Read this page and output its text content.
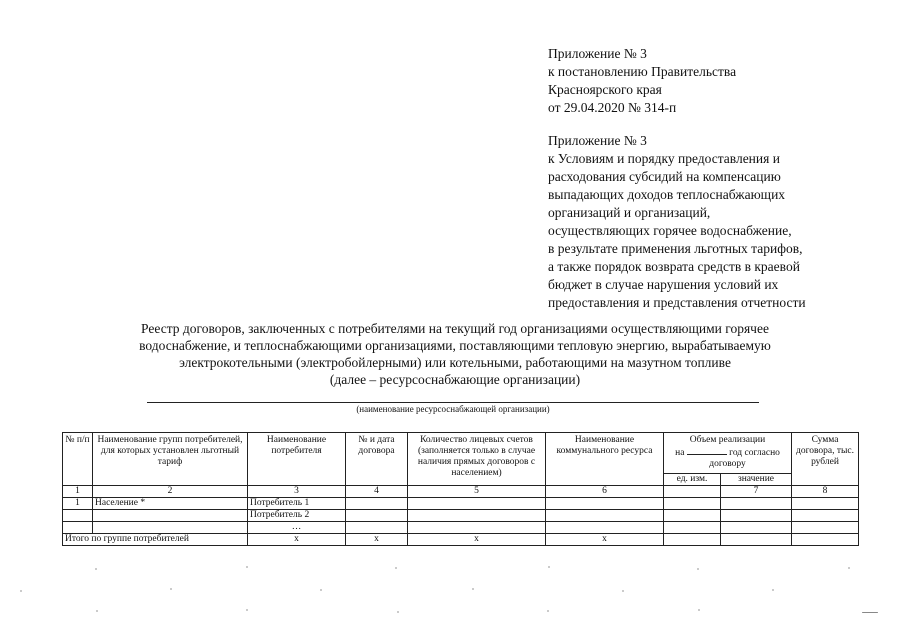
Приложение № 3
к постановлению Правительства
Красноярского края
от 29.04.2020 № 314-п
Приложение № 3
к Условиям и порядку предоставления и
расходования субсидий на компенсацию
выпадающих доходов теплоснабжающих
организаций и организаций,
осуществляющих горячее водоснабжение,
в результате применения льготных тарифов,
а также порядок возврата средств в краевой
бюджет в случае нарушения условий их
предоставления и представления отчетности
Реестр договоров, заключенных с потребителями на текущий год организациями осуществляющими горячее
водоснабжение, и теплоснабжающими организациями, поставляющими тепловую энергию, вырабатываемую
электрокотельными (электробойлерными) или котельными, работающими на мазутном топливе
(далее – ресурсоснабжающие организации)
(наименование ресурсоснабжающей организации)
№ п/п	Наименование групп потребителей, для которых установлен льготный тариф	Наименование потребителя	№ и дата договора	Количество лицевых счетов (заполняется только в случае наличия прямых договоров с населением)	Наименование коммунального ресурса	Объем реализации
на год согласно
договору		Сумма договора, тыс. рублей
						ед. изм.	значение	
1	2	3	4	5	6		7	8
1	Население *	Потребитель 1						
		Потребитель 2						
		…						
Итого по группе потребителей		х	х	х	х			
